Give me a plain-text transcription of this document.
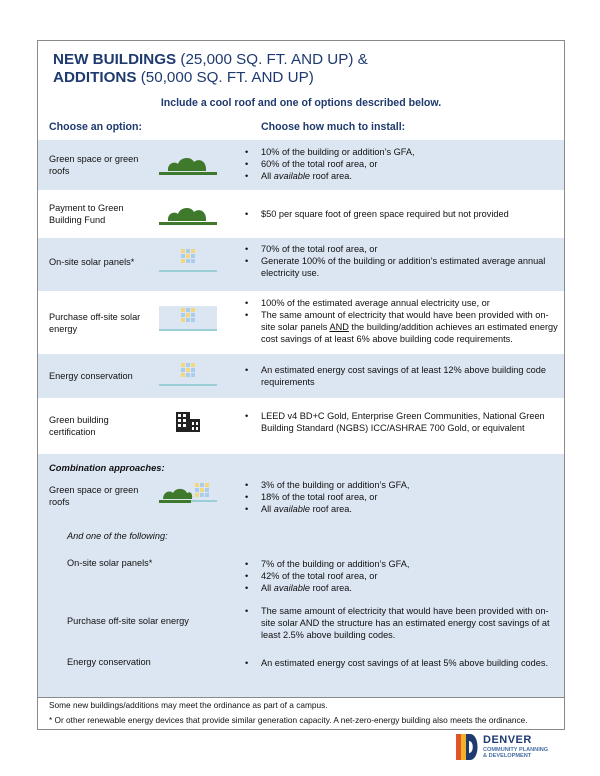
NEW BUILDINGS (25,000 SQ. FT. AND UP) &
ADDITIONS (50,000 SQ. FT. AND UP)
Include a cool roof and one of options described below.
Choose an option:	Choose how much to install:
Green space or green roofs
• 10% of the building or addition’s GFA,
• 60% of the total roof area, or
• All available roof area.
Payment to Green Building Fund
• $50 per square foot of green space required but not provided
On-site solar panels*
• 70% of the total roof area, or
• Generate 100% of the building or addition’s estimated average annual electricity use.
Purchase off-site solar energy
• 100% of the estimated average annual electricity use, or
• The same amount of electricity that would have been provided with on-site solar panels AND the building/addition achieves an estimated energy cost savings of at least 6% above building code requirements.
Energy conservation
• An estimated energy cost savings of at least 12% above building code requirements
Green building certification
• LEED v4 BD+C Gold, Enterprise Green Communities, National Green Building Standard (NGBS) ICC/ASHRAE 700 Gold, or equivalent
Combination approaches:
Green space or green roofs
• 3% of the building or addition’s GFA,
• 18% of the total roof area, or
• All available roof area.
And one of the following:
On-site solar panels*	• 7% of the building or addition’s GFA,
• 42% of the total roof area, or
• All available roof area.
Purchase off-site solar energy
• The same amount of electricity that would have been provided with on-site solar AND the structure has an estimated energy cost savings of at least 2.5% above building codes.
Energy conservation	• An estimated energy cost savings of at least 5% above building codes.
Some new buildings/additions may meet the ordinance as part of a campus.
* Or other renewable energy devices that provide similar generation capacity. A net-zero-energy building also meets the ordinance.
DENVER
COMMUNITY PLANNING
& DEVELOPMENT
